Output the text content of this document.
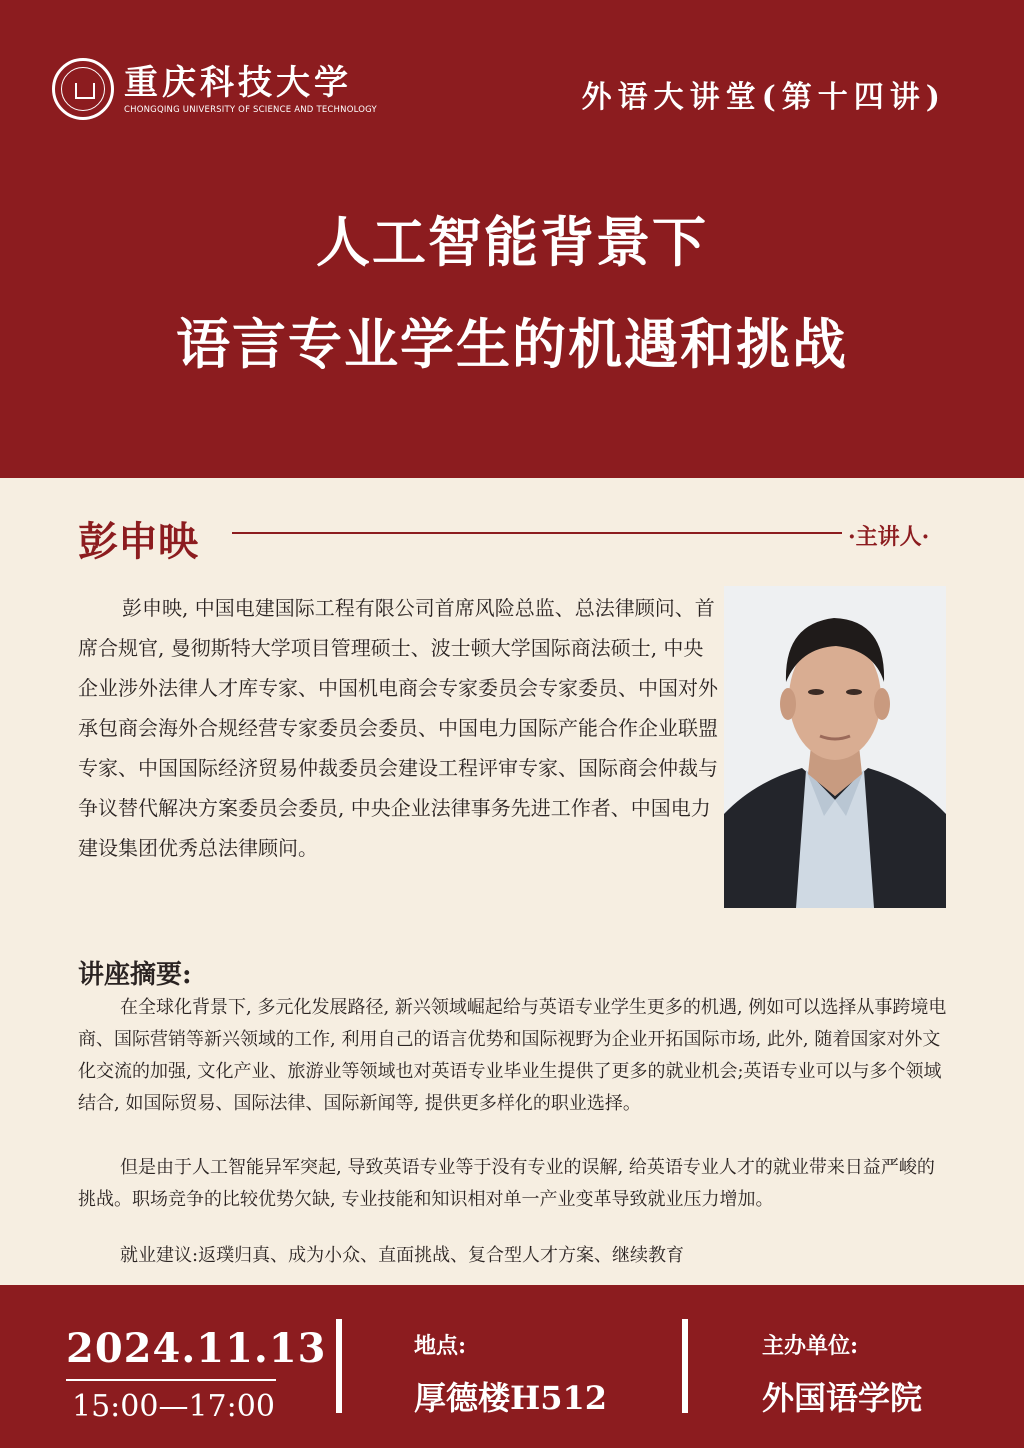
重庆科技大学
CHONGQING UNIVERSITY OF SCIENCE AND TECHNOLOGY	外语大讲堂(第十四讲)
人工智能背景下
语言专业学生的机遇和挑战
彭申映	·主讲人·

彭申映, 中国电建国际工程有限公司首席风险总监、总法律顾问、首席合规官, 曼彻斯特大学项目管理硕士、波士顿大学国际商法硕士, 中央企业涉外法律人才库专家、中国机电商会专家委员会专家委员、中国对外承包商会海外合规经营专家委员会委员、中国电力国际产能合作企业联盟专家、中国国际经济贸易仲裁委员会建设工程评审专家、国际商会仲裁与争议替代解决方案委员会委员, 中央企业法律事务先进工作者、中国电力建设集团优秀总法律顾问。

讲座摘要:

在全球化背景下, 多元化发展路径, 新兴领域崛起给与英语专业学生更多的机遇, 例如可以选择从事跨境电商、国际营销等新兴领域的工作, 利用自己的语言优势和国际视野为企业开拓国际市场, 此外, 随着国家对外文化交流的加强, 文化产业、旅游业等领域也对英语专业毕业生提供了更多的就业机会;英语专业可以与多个领域结合, 如国际贸易、国际法律、国际新闻等, 提供更多样化的职业选择。

但是由于人工智能异军突起, 导致英语专业等于没有专业的误解, 给英语专业人才的就业带来日益严峻的挑战。职场竞争的比较优势欠缺, 专业技能和知识相对单一产业变革导致就业压力增加。

就业建议:返璞归真、成为小众、直面挑战、复合型人才方案、继续教育

2024.11.13
15:00—17:00
地点:
厚德楼H512
主办单位:
外国语学院
